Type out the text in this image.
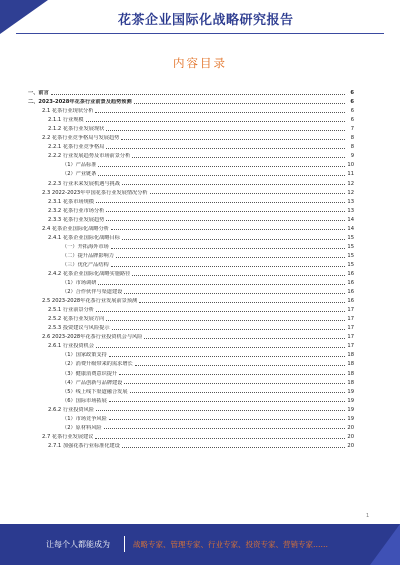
花茶企业国际化战略研究报告
内容目录
一、前言	6
二、2023-2028年花茶行业前景及趋势预测	6
2.1 花茶行业现状分析	6
2.1.1 行业规模	6
2.1.2 花茶行业发展现状	7
2.2 花茶行业竞争格局与发展趋势	8
2.2.1 花茶行业竞争格局	8
2.2.2 行业发展趋势及市场前景分析	9
（1）产品标准	10
（2）产业链条	11
2.2.3 行业未来发展机遇与挑战	12
2.3 2022-2023年中国花茶行业发展情况分析	12
2.3.1 花茶市场规模	13
2.3.2 花茶行业市场分析	13
2.3.3 花茶行业发展趋势	14
2.4 花茶企业国际化战略分析	14
2.4.1 花茶企业国际化战略目标	15
（一）开拓海外市场	15
（二）提升品牌影响力	15
（三）优化产品结构	15
2.4.2 花茶企业国际化战略实施路径	16
（1）市场调研	16
（2）合作伙伴与渠道建设	16
2.5 2023-2028年花茶行业发展前景预测	16
2.5.1 行业前景分析	17
2.5.2 花茶行业发展方向	17
2.5.3 投资建议与风险提示	17
2.6 2023-2028年花茶行业投资机会与风险	17
2.6.1 行业投资机会	17
（1）国家政策支持	18
（2）消费升级带来的需求增长	18
（3）健康消费意识提升	18
（4）产品创新与品牌建设	18
（5）线上线下渠道融合发展	19
（6）国际市场拓展	19
2.6.2 行业投资风险	19
（1）市场竞争风险	19
（2）原材料风险	20
2.7 花茶行业发展建议	20
2.7.1 加强花茶行业标准化建设	20
1
让每个人都能成为	战略专家、管理专家、行业专家、投资专家、营销专家……
